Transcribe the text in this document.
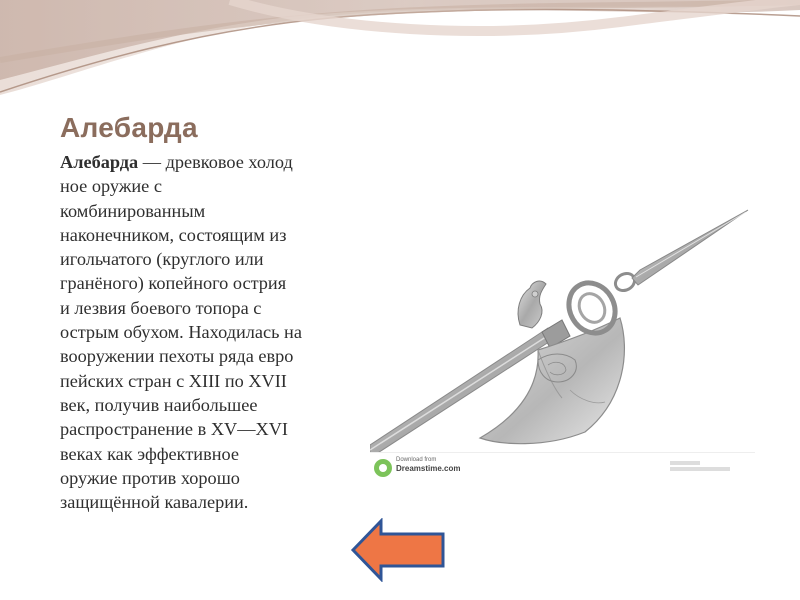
Алебарда

Алебарда — древковое холод
ное оружие с
комбинированным
наконечником, состоящим из
игольчатого (круглого или
гранёного) копейного острия
и лезвия боевого топора с
острым обухом. Находилась на
вооружении пехоты ряда евро
пейских стран с XIII по XVII
век, получив наибольшее
распространение в XV—XVI
веках как эффективное
оружие против хорошо
защищённой кавалерии.

Download from
Dreamstime.com
